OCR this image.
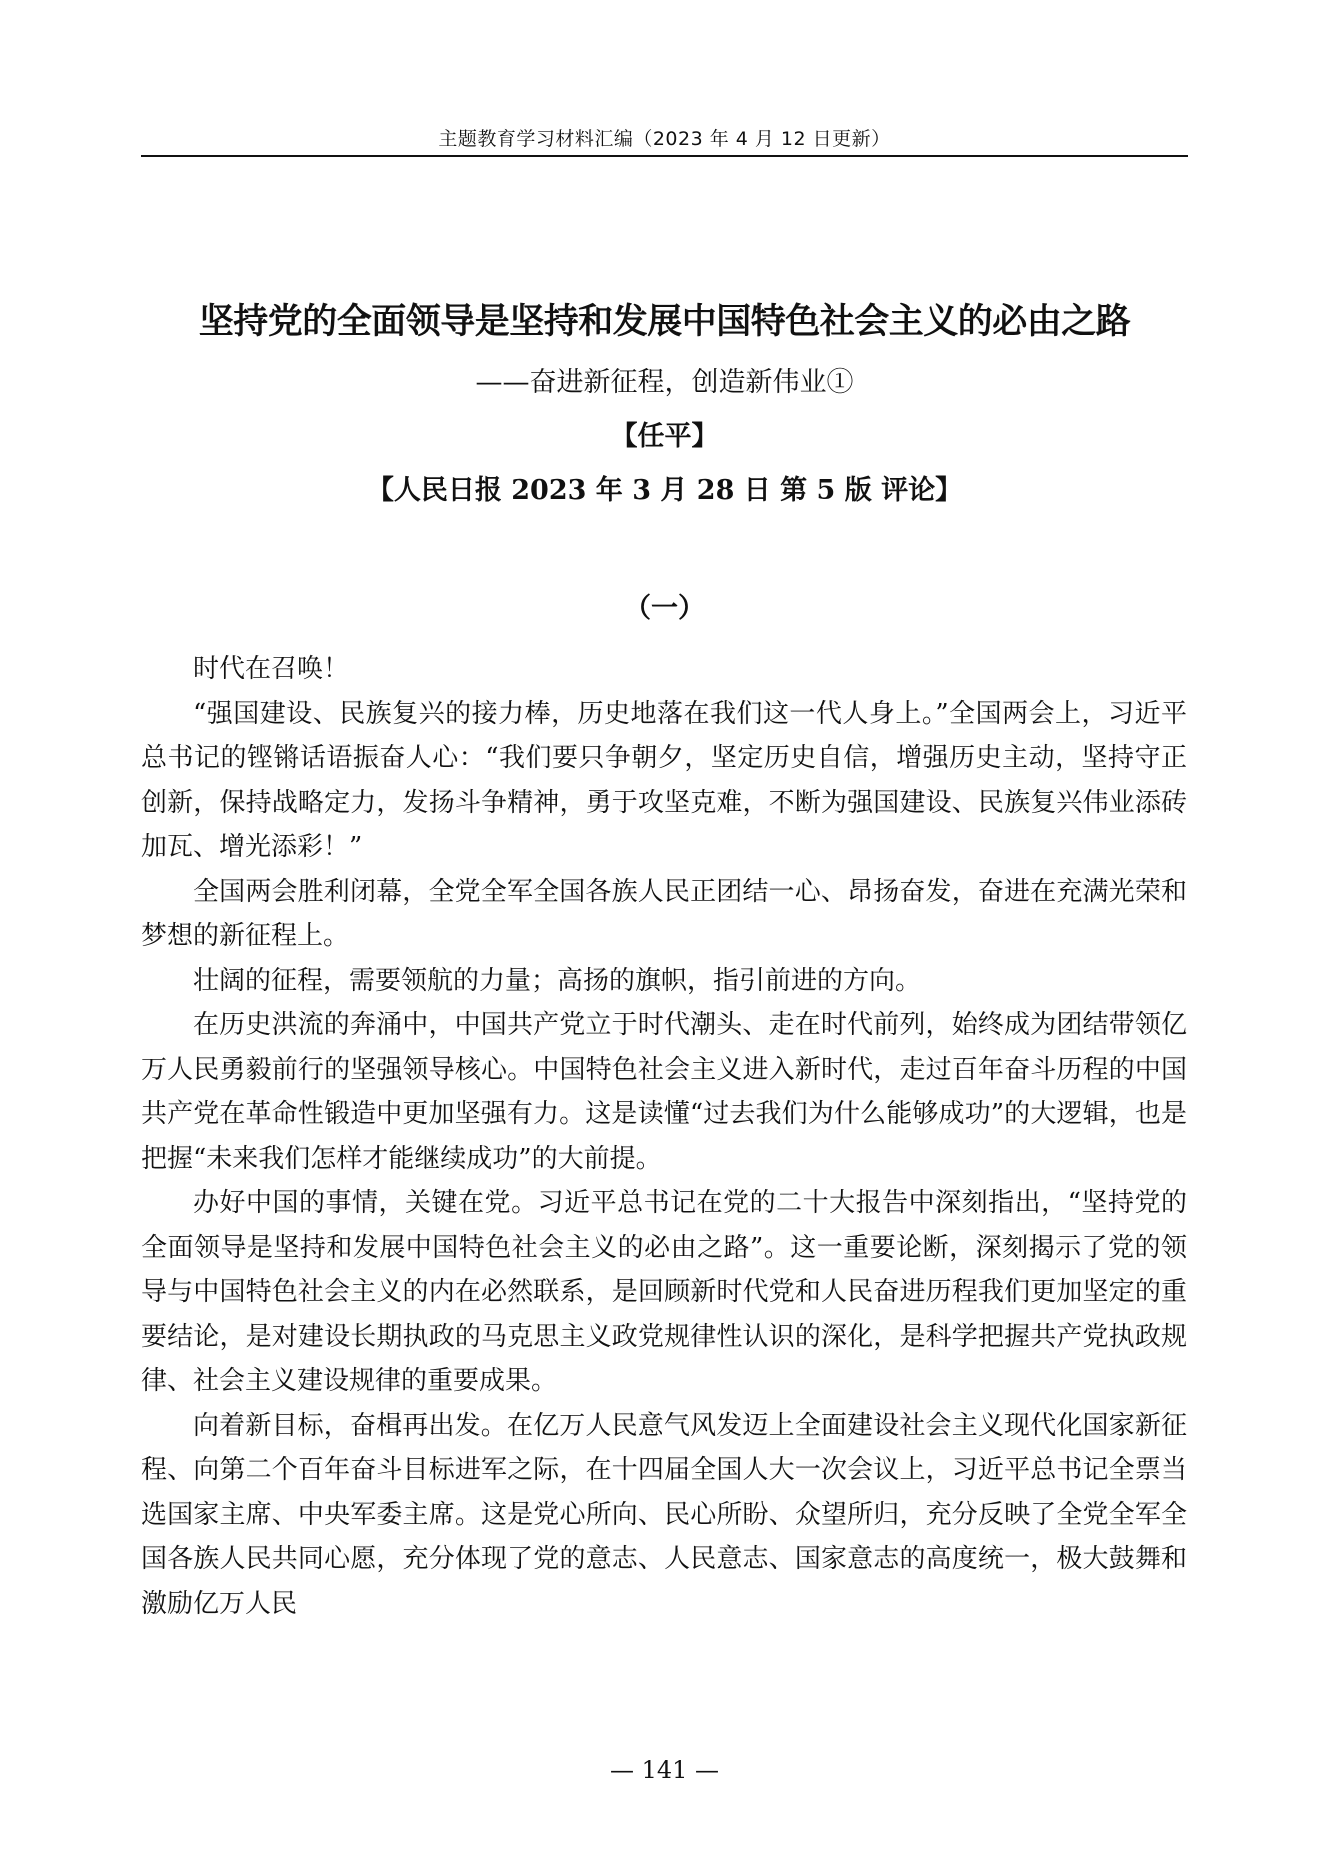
主题教育学习材料汇编（2023 年 4 月 12 日更新）
坚持党的全面领导是坚持和发展中国特色社会主义的必由之路
——奋进新征程，创造新伟业①
【任平】
【人民日报 2023 年 3 月 28 日 第 5 版 评论】
（一）

时代在召唤！

“强国建设、民族复兴的接力棒，历史地落在我们这一代人身上。”全国两会上，习近平总书记的铿锵话语振奋人心：“我们要只争朝夕，坚定历史自信，增强历史主动，坚持守正创新，保持战略定力，发扬斗争精神，勇于攻坚克难，不断为强国建设、民族复兴伟业添砖加瓦、增光添彩！”

全国两会胜利闭幕，全党全军全国各族人民正团结一心、昂扬奋发，奋进在充满光荣和梦想的新征程上。

壮阔的征程，需要领航的力量；高扬的旗帜，指引前进的方向。

在历史洪流的奔涌中，中国共产党立于时代潮头、走在时代前列，始终成为团结带领亿万人民勇毅前行的坚强领导核心。中国特色社会主义进入新时代，走过百年奋斗历程的中国共产党在革命性锻造中更加坚强有力。这是读懂“过去我们为什么能够成功”的大逻辑，也是把握“未来我们怎样才能继续成功”的大前提。

办好中国的事情，关键在党。习近平总书记在党的二十大报告中深刻指出，“坚持党的全面领导是坚持和发展中国特色社会主义的必由之路”。这一重要论断，深刻揭示了党的领导与中国特色社会主义的内在必然联系，是回顾新时代党和人民奋进历程我们更加坚定的重要结论，是对建设长期执政的马克思主义政党规律性认识的深化，是科学把握共产党执政规律、社会主义建设规律的重要成果。

向着新目标，奋楫再出发。在亿万人民意气风发迈上全面建设社会主义现代化国家新征程、向第二个百年奋斗目标进军之际，在十四届全国人大一次会议上，习近平总书记全票当选国家主席、中央军委主席。这是党心所向、民心所盼、众望所归，充分反映了全党全军全国各族人民共同心愿，充分体现了党的意志、人民意志、国家意志的高度统一，极大鼓舞和激励亿万人民

— 141 —
